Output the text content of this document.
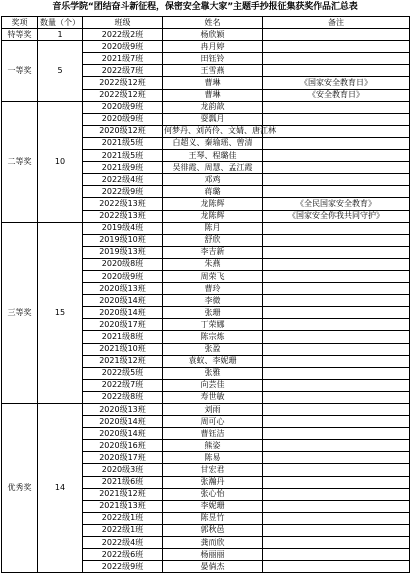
音乐学院“团结奋斗新征程，保密安全靠大家”主题手抄报征集获奖作品汇总表
奖项	数量（个）	班级	姓名	备注
特等奖	1	2022级2班	杨欣颖	
一等奖	5	2020级9班	冉月婷	
		2021级7班	田钰铃	
		2022级7班	王雪燕	
		2022级12班	曹琳	《国家安全教育日》
		2022级12班	曹琳	《安全教育日》
二等奖	10	2020级9班	龙韵歆	
		2020级9班	耍瓢月	
		2020级12班	何梦丹、刘芮伶、文婧、唐江林	
		2021级5班	白超义、秦瑜瑶、曾清	
		2021级5班	王琴、程璐佳	
		2021级9班	吴徘霞、周慧、孟江霞	
		2022级4班	邓鸡	
		2022级9班	蒋璐	
		2022级13班	龙陈辉	《全民国家安全教育》
		2022级13班	龙陈辉	《国家安全你我共同守护》
三等奖	15	2019级4班	陈月	
		2019级10班	舒欣	
		2019级13班	李吉新	
		2020级8班	朱燕	
		2020级9班	周荣飞	
		2020级13班	曹玲	
		2020级14班	李微	
		2020级14班	张珊	
		2020级17班	丁荣娜	
		2021级8班	陈宗炼	
		2021级10班	张盈	
		2021级12班	袁蚁、李妮珊	
		2022级5班	张雅	
		2022级7班	向芸佳	
		2022级8班	寿世敏	
优秀奖	14	2020级13班	刘雨	
		2020级14班	周可心	
		2020级14班	曹钰洁	
		2020级16班	熊姿	
		2020级17班	陈易	
		2020级3班	甘宏君	
		2021级6班	张瀚丹	
		2021级12班	张心怡	
		2021级13班	李妮珊	
		2022级1班	陈昱竹	
		2022级1班	郭秋邑	
		2022级4班	龚而欣	
		2022级6班	杨丽丽	
		2022级9班	晏倘杰	
